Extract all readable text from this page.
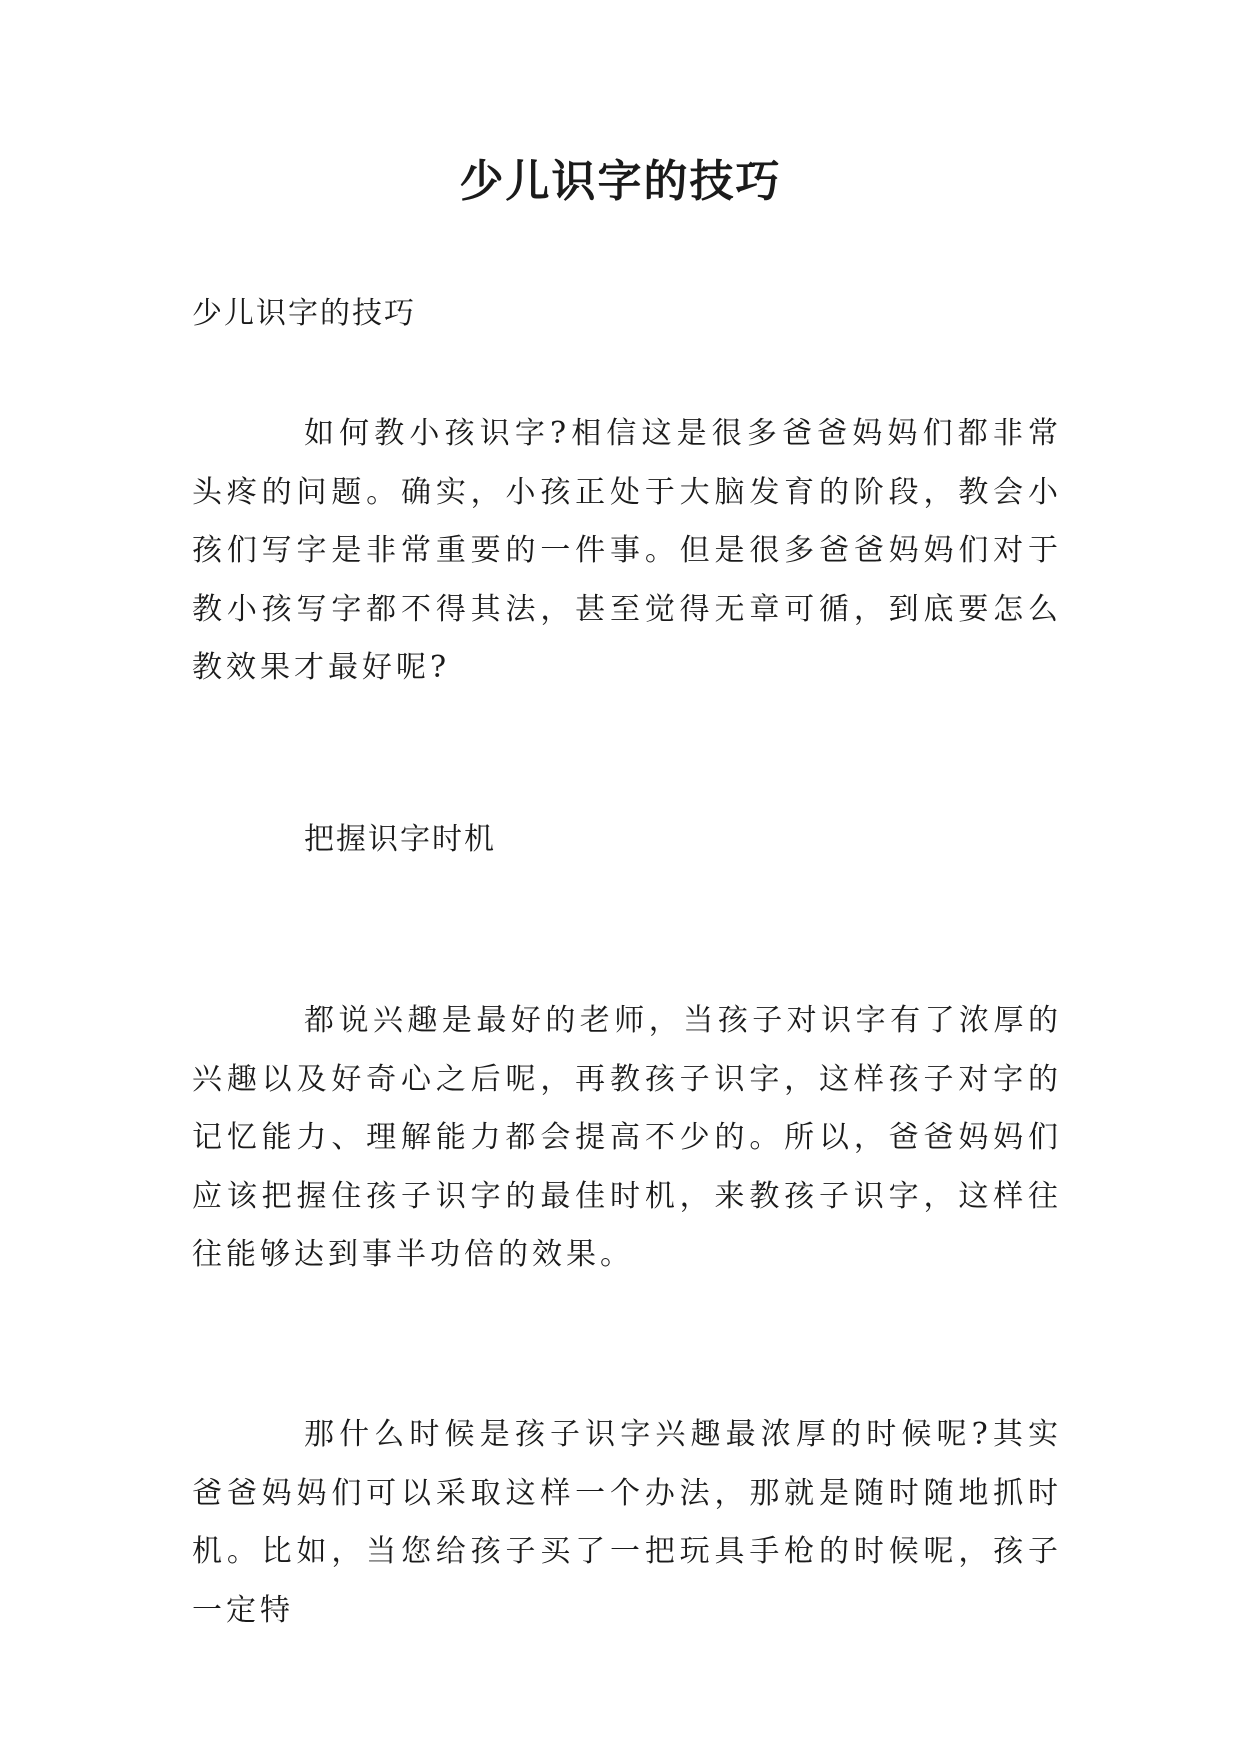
少儿识字的技巧

少儿识字的技巧

如何教小孩识字?相信这是很多爸爸妈妈们都非常头疼的问题。确实，小孩正处于大脑发育的阶段，教会小孩们写字是非常重要的一件事。但是很多爸爸妈妈们对于教小孩写字都不得其法，甚至觉得无章可循，到底要怎么教效果才最好呢?

把握识字时机

都说兴趣是最好的老师，当孩子对识字有了浓厚的兴趣以及好奇心之后呢，再教孩子识字，这样孩子对字的记忆能力、理解能力都会提高不少的。所以，爸爸妈妈们应该把握住孩子识字的最佳时机，来教孩子识字，这样往往能够达到事半功倍的效果。

那什么时候是孩子识字兴趣最浓厚的时候呢?其实爸爸妈妈们可以采取这样一个办法，那就是随时随地抓时机。比如，当您给孩子买了一把玩具手枪的时候呢，孩子一定特
